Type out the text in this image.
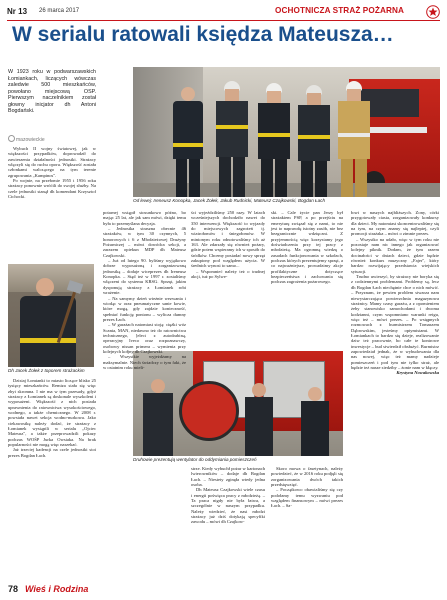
Nr 13 26 marca 2017	OCHOTNICZA STRAŻ POŻARNA
W serialu ratowali księdza Mateusza…
W 1923 roku w podwarszawskich Łomiankach, liczących wówczas zaledwie 500 mieszkańców, powołano miejscową OSP. Pierwszym naczelnikiem został głowny inicjator dh Antoni Bogdański.
mazowieckie
Od lewej: Ireneusz Konopka, Jacek Żołek, Jakub Rudnicki, Mateusz Czajkowski, Bogdan Łach
Dh Jacek Żołek z toporem strażackim
Druhowie prezentują wentylator do oddymiania pomieszczeń

Wybuch II wojny światowej, jak w większości przypadków, doprowadził do zawieszenia działalności jednostki. Strażacy włączyli się do ruchu oporu. Większość została członkami walczącego na tym terenie zgrupowania „Kampinos".

Po wojnie, na przełomie 1955 i 1956 roku strażacy ponownie wróćili do swojej służby. Na czele jednostki stanął dh komendant Krzysztof Cichocki.

Dzisiaj Łomianki to miasto liczące blisko 25 tysięcy mieszkańców. Remiza stała się więc zbyt skromna. I nie ma w tym przesady, gdyż strażacy z Łomianek są doskonale wyszkoleni i wyposażeni. Większość z nich posiada uprawnienia do ratownictwa wysokościowego, wodnego, a także chemicznego. W 2008 r. powstała nawet sekcja wodno-nurkowa. Jako ciekawostkę należy dodać, że strażacy z Łomianek wystąpili w serialu „Ojciec Mateusz", a także przeprowadzili pokazy podczas WOŚP Jurka Owsiaka. Na brak popularności nie mogą więc narzekać.

Jaż trzeciej kadencji na czele jednostki stoi prezes Bogdan Łach.

potarnej wstąpił stosunkowo późno, bo mając 25 lat, ale jak sam mówi, dzięki temu była to przemyślana decyzja.

– Jednostka straszna obecnie 46 strażaków, w tym 30 czynnych, 5 honorowych i 6 z Młodzieżowej Drużyny Pożarniczej – mówi dowódca sekcji, a zarazem opiekun MDP dh Mateusz Czajkowski.

– Już od lutego 90. byliśmy wyjątkowo dobrze wyposażoną i zorganizowaną jednostką – dodaje wiceprezes dh Ireneusz Konopka. – Stąd też w 1997 r. zostaliśmy włączeni do systemu KRSG. Sprzęt, jakim dysponują strażacy z Łomianek robi wrażenie.

– Na samymy dzień wieżnie wezwania i wiodąc w oraz pneumatyczne sanie kowie, które mogą, gdy zajdzie konieczność, spełniać funkcję pontonu – wylicza dumny prezes Łach.

– W garażach natomiast stoją: ciężki wóz Scania, MAN, niedawno też do ratownictwa technicznego, [elect z autodrabiną, operacyjny Iveco oraz rozpoznawczy, osobowy nissan primera – wymienia przy kolejnych kołjny dh Czajkowski.

– Wszystkie wyjeżdżamy na maksymalnie. Niech świadczy o tym fakt, że w ostatnim roku mieli-

ści wyjeździliśmy 250 razy. W latach wcześniejszych dochodziło nawet do 350 interwencji. Większość to wyjazdy do miejscowych zagrożeń tj. wiatrołomów i śniegołomów. W minionym roku odnotowaliśmy ich aż 163. Ale zdarzały się również pożary, gdzie potem wspieramy ich w sposób do śródków. Chcemy posiadać nowy sprzęt zakupiony pod względem użycia. W średnich wynosi to samo...

– Wspomnieć należy też o trudnej akcji, tuż po Sylwe-

strze. Kiedy wybuchł pożar w kartonach lwierowników – dodaje dh Bogdan Łach. – Niestety zginęła wtedy jedna osoba.

Dh Mateusz Czajkowski wiele czasu i energii poświęca pracy z młodzieżą. – Ta praca nigdy nie była łatwa, a szczególnie w naszym przypadku. Należy wiedzieć, że nasi młodzi strażacy już dziś dotykają specyfiki zawodu – mówi dh Czajkow-

ski. – Cale życie pan Jerzy był strażakiem PSP, a po przejściu na emeryturę związał się z nami, to nie jest to naprawdę istotny zasób, nie bez bezgranicznie wdzięczni. Z przyjemnością więc korzystamy jego doświadczenia przy tej pracy z młodzieżą. Ma ogromną wiedzę o zasadach funkcjonowania w szkołach, podczas których prezentujemy sprzęt, a co najważniejsze, prowadzimy akcje profilaktyczne dotyczące bezpieczeństwa i zachowania się podczas zagrożenia pożarowego.

Skoro mowa o fasetynach, należy powiedzieć, że w 2016 roku podjęli się zorganizowania dwóch takich przedsięwzięć.

– Początkowo obawialiśmy się czy podołamy temu wyzwaniu pod względem finansowym – mówi prezes Łach. – Sa-

łowi w naszych najbliższych. Zony, córki przygotowały ciasta, zorganizowały konkursy dla dzieci. My natomiast skoncentrowaliśmy się na tym, na czym znamy się najlepiej, czyli promocji strażaka – mówi o zimnie prezes.

– Wszystko na udało, więc w tym roku nie pozostaje nam nic innego jak organizować kolejny piknik. Dodam, że tym razem docinałości w dniach dzieci, gdzie będzie również konkurs muzyczny „Fajer", który bardzo rozwijający przedstawia wiejskich sytuacji.

Trudno uwierzyć, by strażacy nie boryka się z codziennymi problemami. Problemy są, lecz dh Bogdan Łach niechętnie chce o nich mówić. – Przyznam, że pewien problem stwarza nam niewystarczająca powierzchnia magazynowa strażnicy. Mamy czasy garażu, a z opomieniem żeby stanowisko samochodami i dwoma kodzianni, czym wspomniano warunki reigu, więc też – mówi prezes. – Po wstępnych rozmowach z burmistrzem Tomaszem Dąbrowskim, jesteśmy optymistami. W Łomiankach to bardzo się dzieje, realizowanie dziw też pracownie, bo całe te kontrowe inwestycje – bud stwierdził obsłużyć. Burmistrz zapowiedział jednak, że w wybudowania dla nas nowej, więc też mamy nadzieje pomieszczeń i pod tym nie tylko straż, ale będzie też nasze siedziby – żonie nam w kłączy.

Krystyna Nowakowska

78 Wieś i Rodzina
